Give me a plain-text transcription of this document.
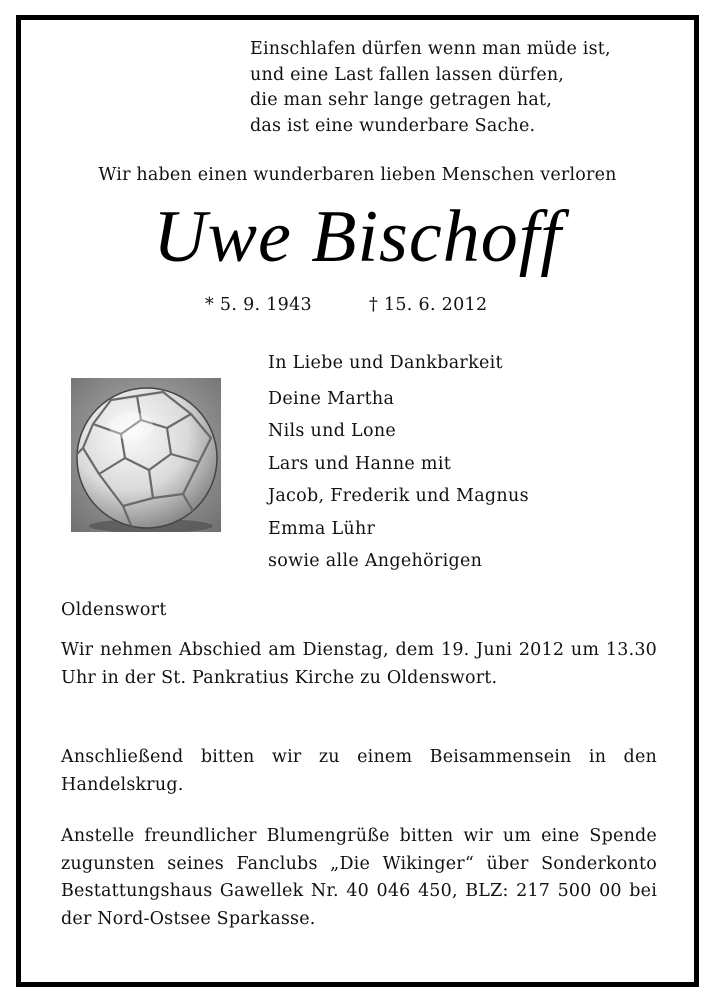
Einschlafen dürfen wenn man müde ist,
und eine Last fallen lassen dürfen,
die man sehr lange getragen hat,
das ist eine wunderbare Sache.
Wir haben einen wunderbaren lieben Menschen verloren
Uwe Bischoff
* 5. 9. 1943	† 15. 6. 2012
In Liebe und Dankbarkeit
Deine Martha
Nils und Lone
Lars und Hanne mit
Jacob, Frederik und Magnus
Emma Lühr
sowie alle Angehörigen
Oldenswort
Wir nehmen Abschied am Dienstag, dem 19. Juni 2012 um 13.30 Uhr in der St. Pankratius Kirche zu Oldenswort.
Anschließend bitten wir zu einem Beisammensein in den Handelskrug.
Anstelle freundlicher Blumengrüße bitten wir um eine Spende zugunsten seines Fanclubs „Die Wikinger“ über Sonderkonto Bestattungshaus Gawellek Nr. 40 046 450, BLZ: 217 500 00 bei der Nord-Ostsee Sparkasse.
